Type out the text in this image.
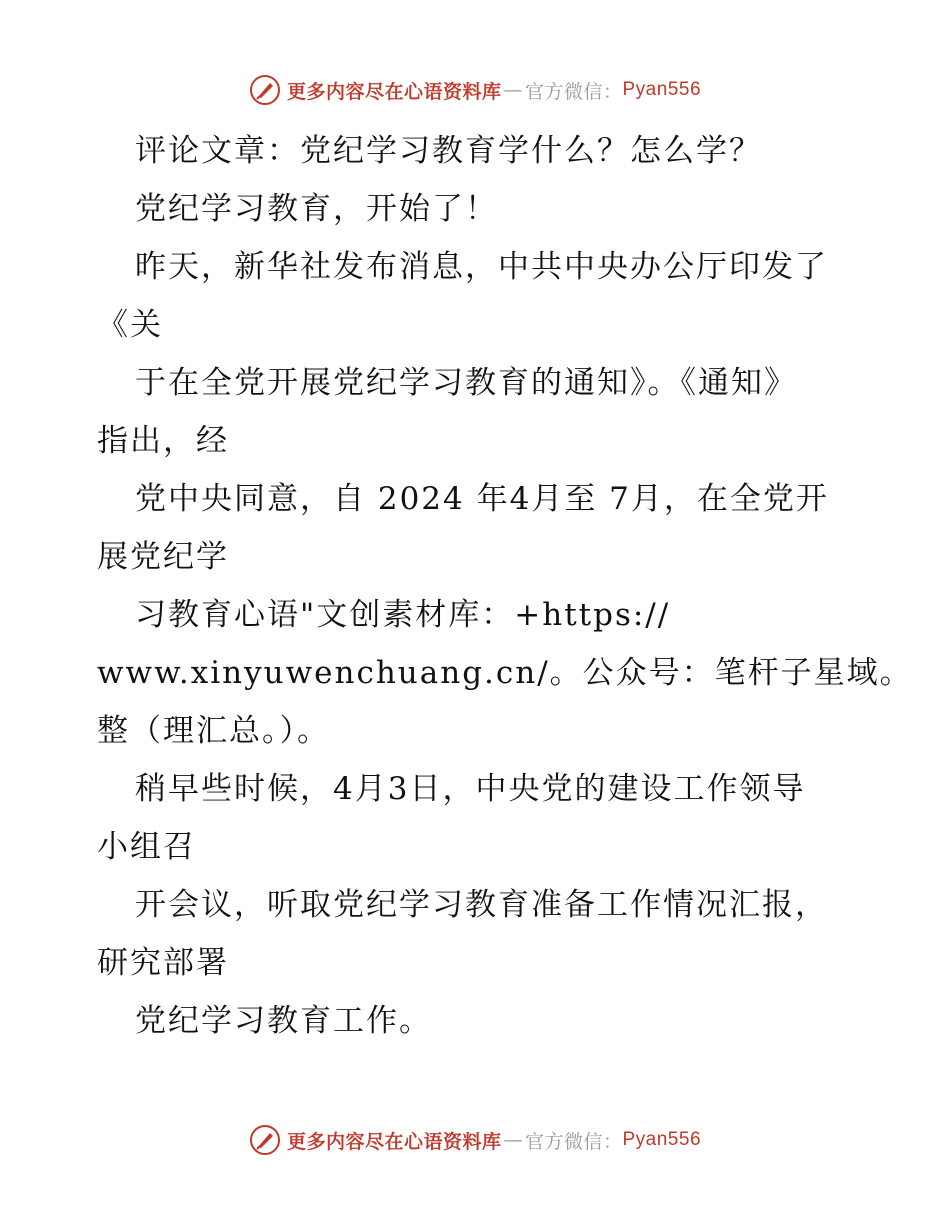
更多内容尽在心语资料库 — 官方微信： Pyan556
评论文章：党纪学习教育学什么？怎么学？
党纪学习教育，开始了！
昨天，新华社发布消息，中共中央办公厅印发了
《关
于在全党开展党纪学习教育的通知》。《通知》
指出，经
党中央同意，自 2024 年4月至 7月，在全党开
展党纪学
习教育心语"文创素材库：+https://
www.xinyuwenchuang.cn/。公众号：笔杆子星域。
整（理汇总。）。
稍早些时候，4月3日，中央党的建设工作领导
小组召
开会议，听取党纪学习教育准备工作情况汇报，
研究部署
党纪学习教育工作。
更多内容尽在心语资料库 — 官方微信： Pyan556
